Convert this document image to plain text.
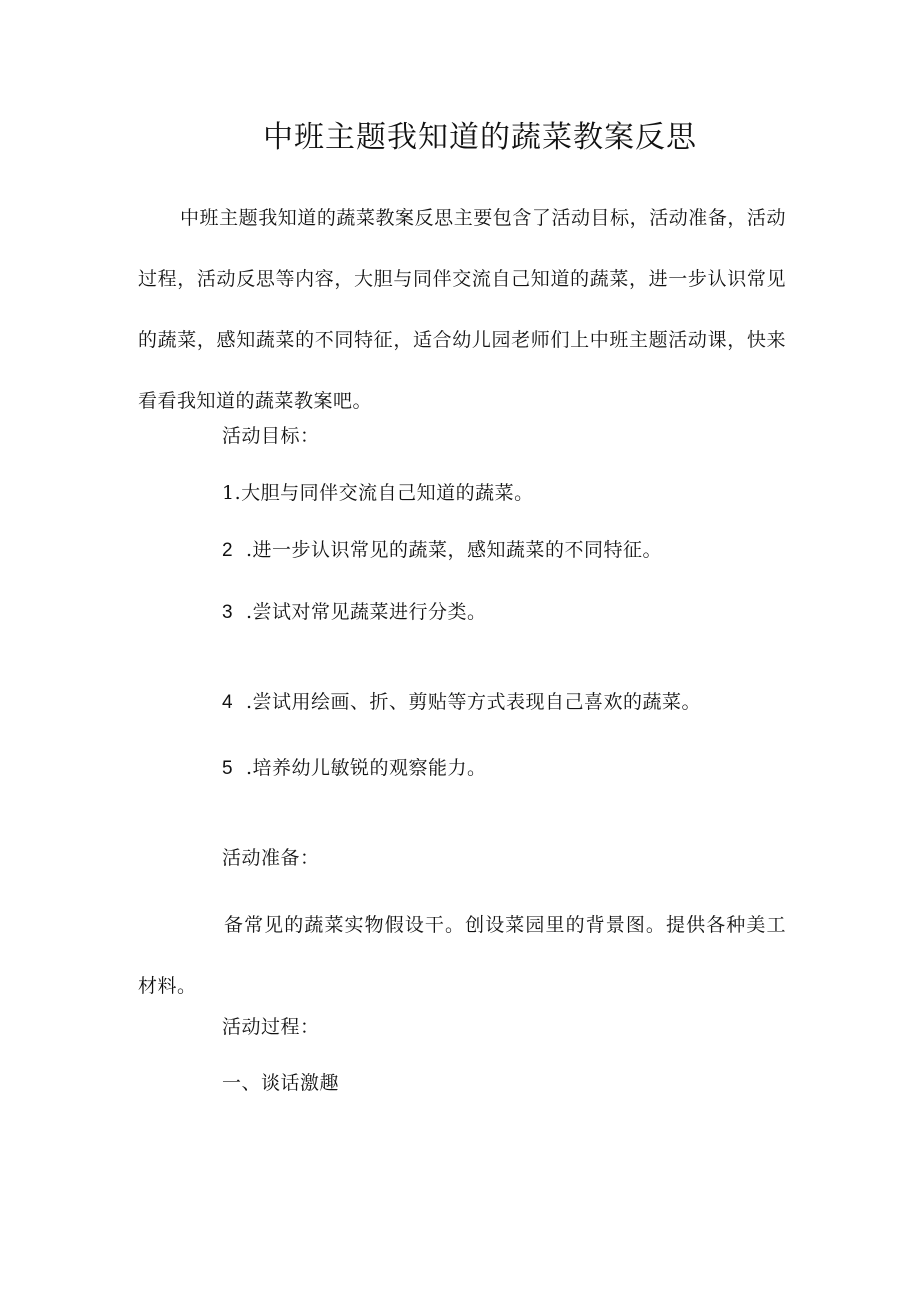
中班主题我知道的蔬菜教案反思
中班主题我知道的蔬菜教案反思主要包含了活动目标，活动准备，活动过程，活动反思等内容，大胆与同伴交流自己知道的蔬菜，进一步认识常见的蔬菜，感知蔬菜的不同特征，适合幼儿园老师们上中班主题活动课，快来看看我知道的蔬菜教案吧。
活动目标：
1.大胆与同伴交流自己知道的蔬菜。
2 .进一步认识常见的蔬菜，感知蔬菜的不同特征。
3 .尝试对常见蔬菜进行分类。
4 .尝试用绘画、折、剪贴等方式表现自己喜欢的蔬菜。
5 .培养幼儿敏锐的观察能力。
活动准备：
备常见的蔬菜实物假设干。创设菜园里的背景图。提供各种美工材料。
活动过程：
一、谈话激趣
